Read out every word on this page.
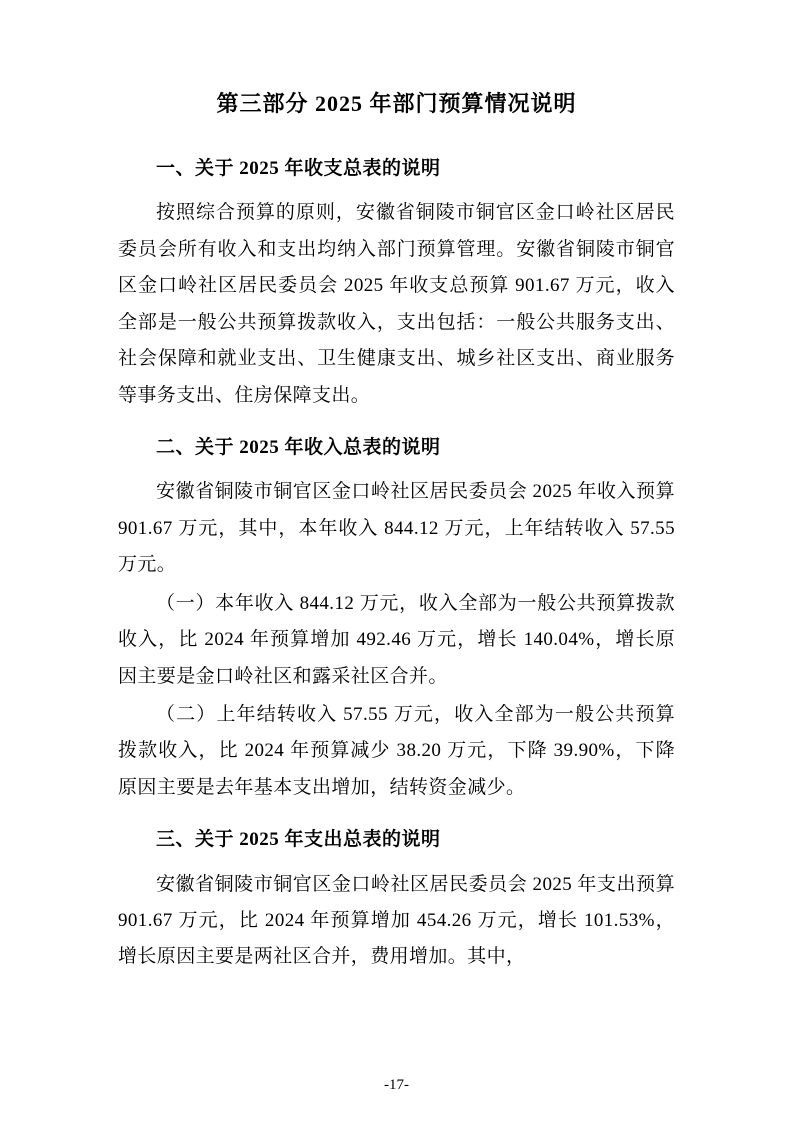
第三部分 2025 年部门预算情况说明
一、关于 2025 年收支总表的说明

按照综合预算的原则，安徽省铜陵市铜官区金口岭社区居民委员会所有收入和支出均纳入部门预算管理。安徽省铜陵市铜官区金口岭社区居民委员会 2025 年收支总预算 901.67 万元，收入全部是一般公共预算拨款收入，支出包括：一般公共服务支出、社会保障和就业支出、卫生健康支出、城乡社区支出、商业服务等事务支出、住房保障支出。

二、关于 2025 年收入总表的说明

安徽省铜陵市铜官区金口岭社区居民委员会 2025 年收入预算 901.67 万元，其中，本年收入 844.12 万元，上年结转收入 57.55 万元。

（一）本年收入 844.12 万元，收入全部为一般公共预算拨款收入，比 2024 年预算增加 492.46 万元，增长 140.04%，增长原因主要是金口岭社区和露采社区合并。

（二）上年结转收入 57.55 万元，收入全部为一般公共预算拨款收入，比 2024 年预算减少 38.20 万元，下降 39.90%，下降原因主要是去年基本支出增加，结转资金减少。

三、关于 2025 年支出总表的说明

安徽省铜陵市铜官区金口岭社区居民委员会 2025 年支出预算 901.67 万元，比 2024 年预算增加 454.26 万元，增长 101.53%，增长原因主要是两社区合并，费用增加。其中，

-17-
